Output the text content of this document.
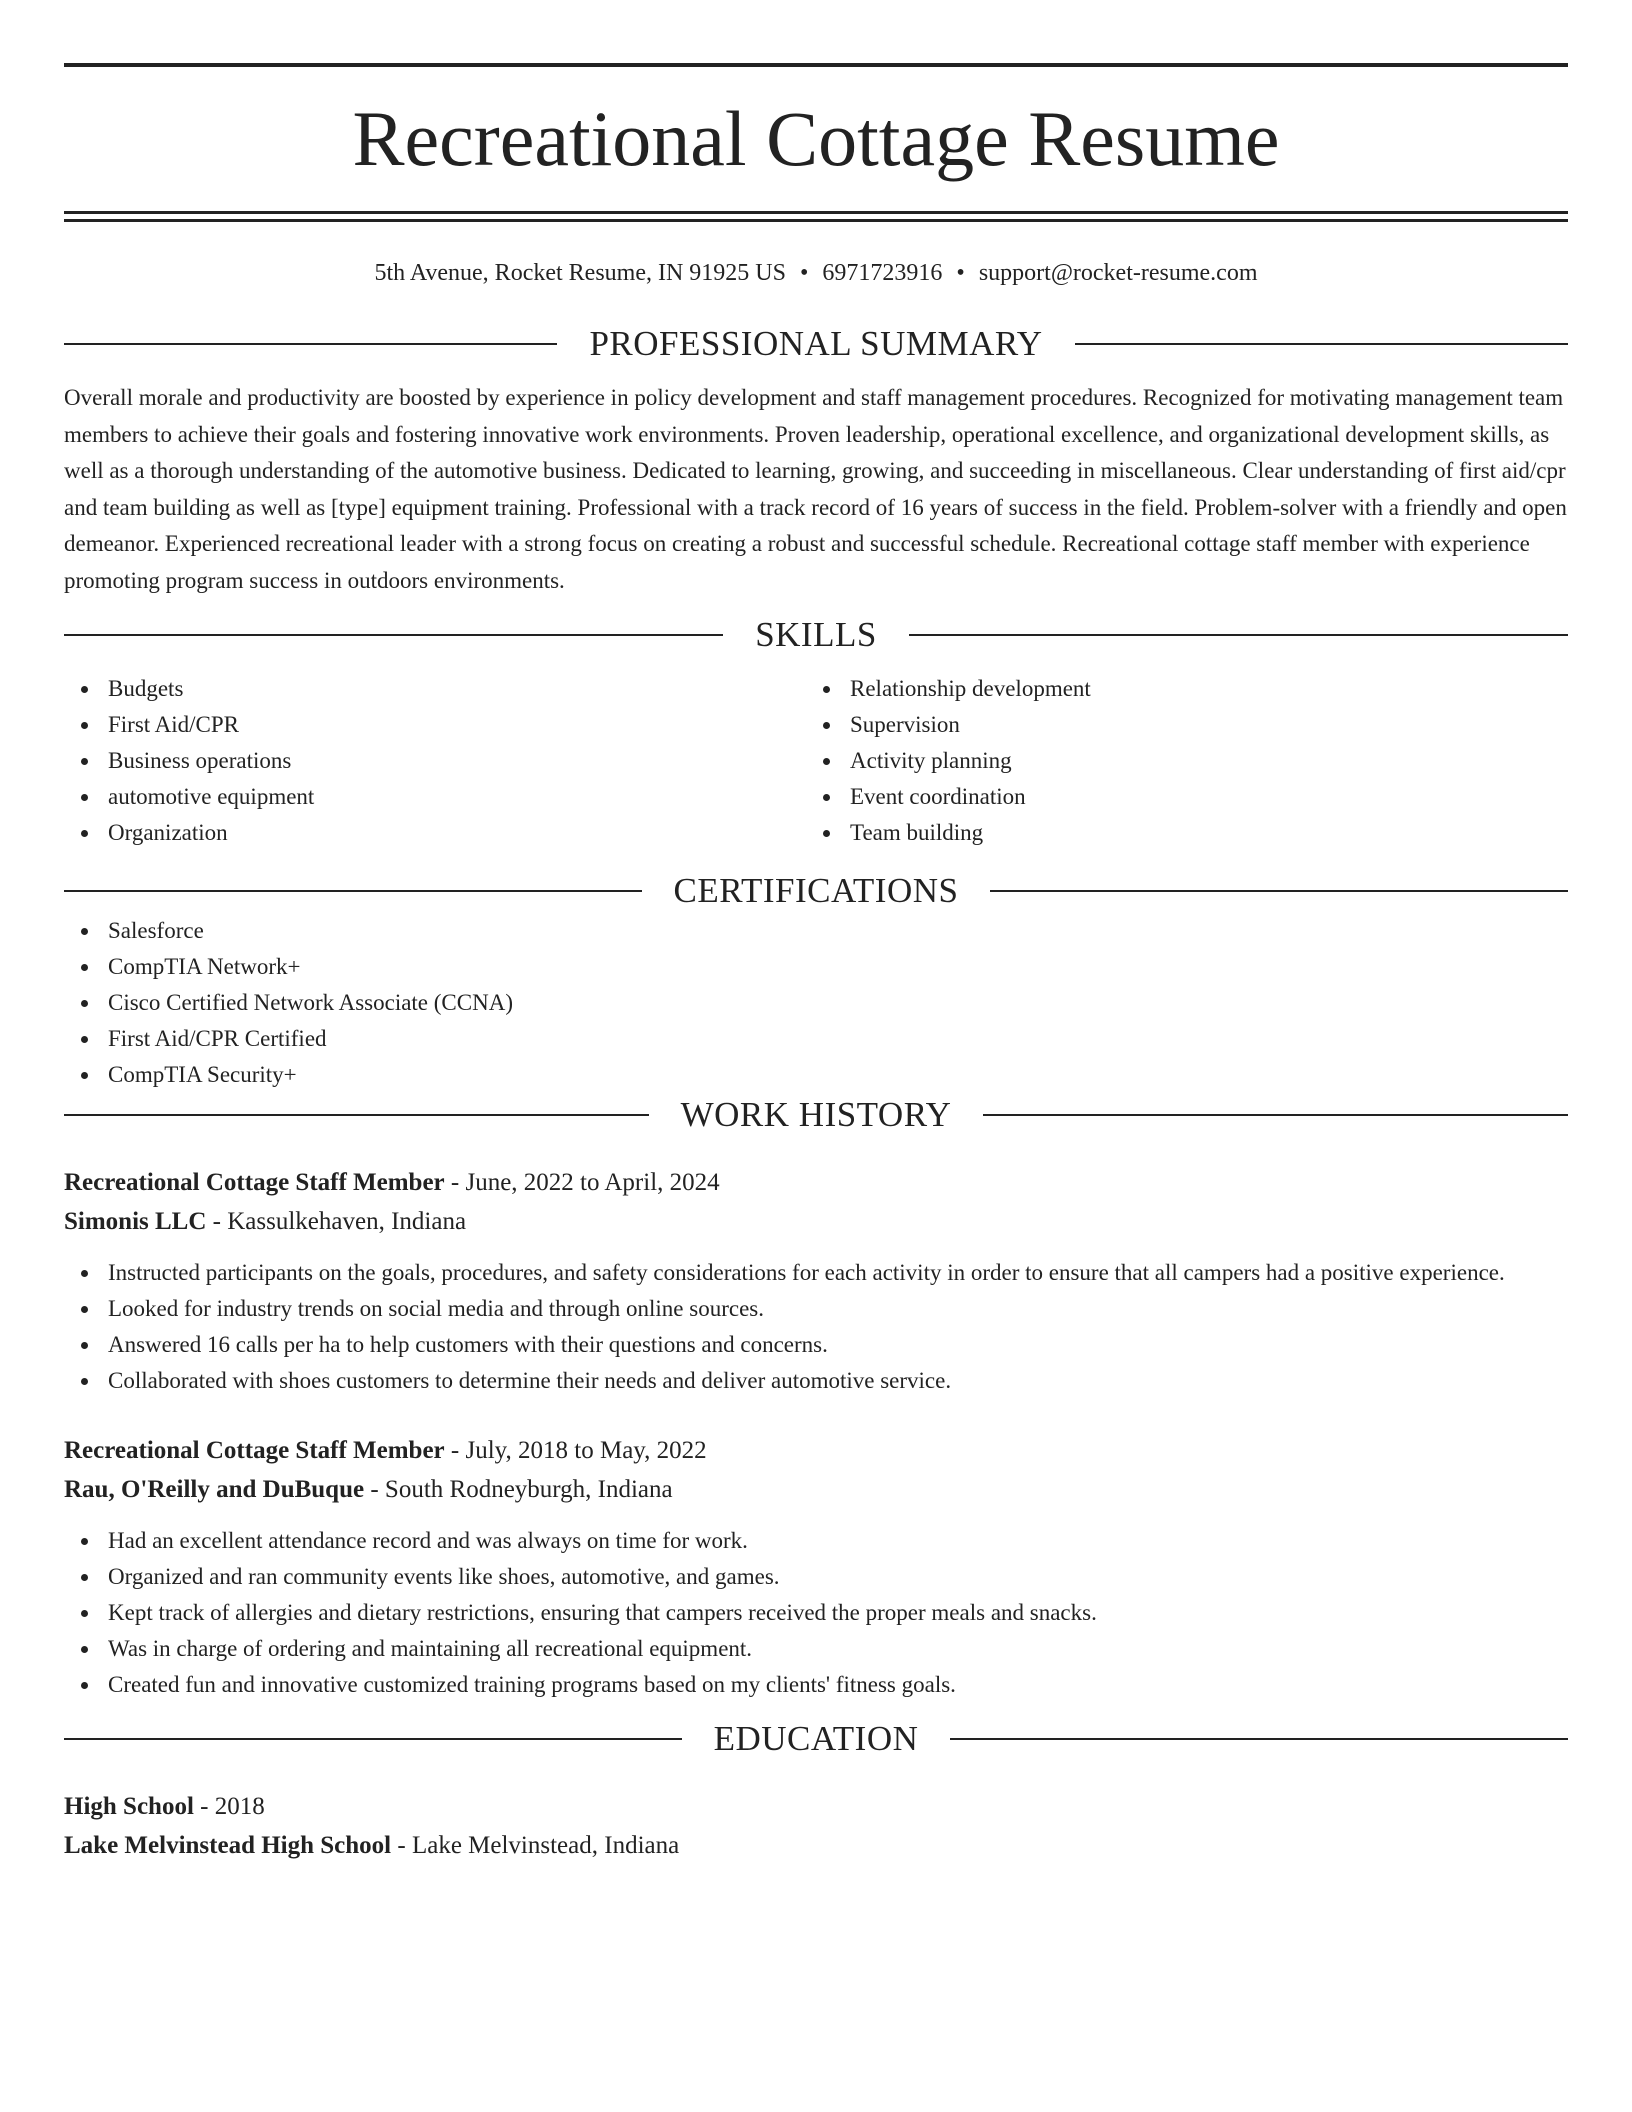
Recreational Cottage Resume
5th Avenue, Rocket Resume, IN 91925 US • 6971723916 • support@rocket-resume.com
PROFESSIONAL SUMMARY

Overall morale and productivity are boosted by experience in policy development and staff management procedures. Recognized for motivating management team members to achieve their goals and fostering innovative work environments. Proven leadership, operational excellence, and organizational development skills, as well as a thorough understanding of the automotive business. Dedicated to learning, growing, and succeeding in miscellaneous. Clear understanding of first aid/cpr and team building as well as [type] equipment training. Professional with a track record of 16 years of success in the field. Problem-solver with a friendly and open demeanor. Experienced recreational leader with a strong focus on creating a robust and successful schedule. Recreational cottage staff member with experience promoting program success in outdoors environments.

SKILLS
Budgets
First Aid/CPR
Business operations
automotive equipment
Organization
Relationship development
Supervision
Activity planning
Event coordination
Team building
CERTIFICATIONS
Salesforce
CompTIA Network+
Cisco Certified Network Associate (CCNA)
First Aid/CPR Certified
CompTIA Security+
WORK HISTORY
Recreational Cottage Staff Member - June, 2022 to April, 2024
Simonis LLC - Kassulkehaven, Indiana
Instructed participants on the goals, procedures, and safety considerations for each activity in order to ensure that all campers had a positive experience.
Looked for industry trends on social media and through online sources.
Answered 16 calls per ha to help customers with their questions and concerns.
Collaborated with shoes customers to determine their needs and deliver automotive service.
Recreational Cottage Staff Member - July, 2018 to May, 2022
Rau, O'Reilly and DuBuque - South Rodneyburgh, Indiana
Had an excellent attendance record and was always on time for work.
Organized and ran community events like shoes, automotive, and games.
Kept track of allergies and dietary restrictions, ensuring that campers received the proper meals and snacks.
Was in charge of ordering and maintaining all recreational equipment.
Created fun and innovative customized training programs based on my clients' fitness goals.
EDUCATION
High School - 2018
Lake Melvinstead High School - Lake Melvinstead, Indiana
